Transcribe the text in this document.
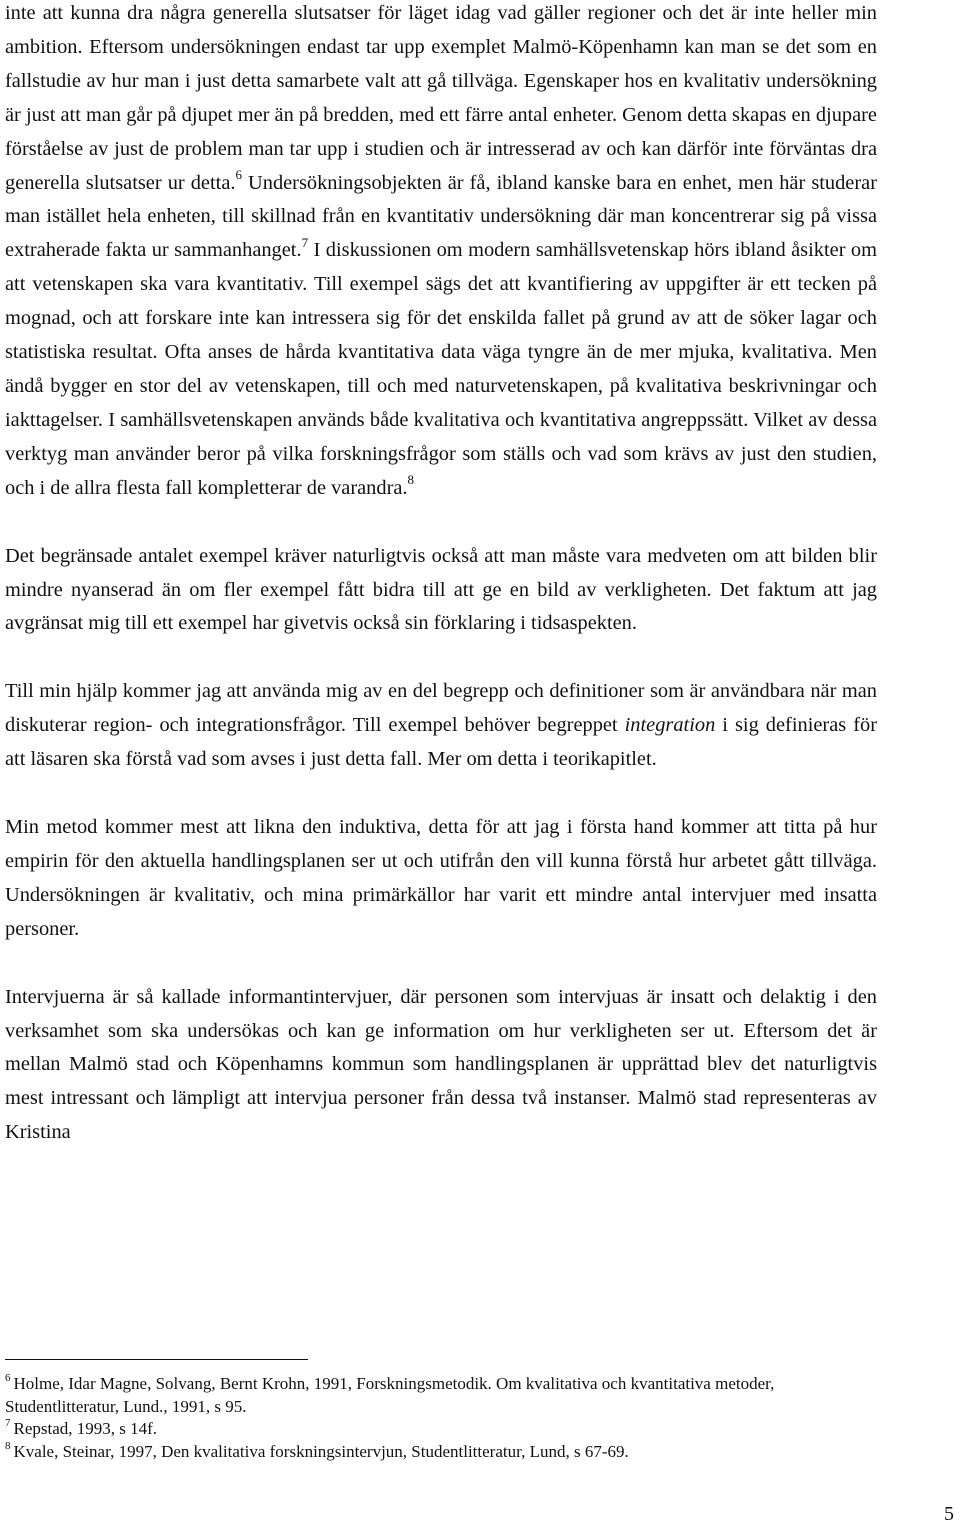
inte att kunna dra några generella slutsatser för läget idag vad gäller regioner och det är inte heller min ambition. Eftersom undersökningen endast tar upp exemplet Malmö-Köpenhamn kan man se det som en fallstudie av hur man i just detta samarbete valt att gå tillväga. Egenskaper hos en kvalitativ undersökning är just att man går på djupet mer än på bredden, med ett färre antal enheter. Genom detta skapas en djupare förståelse av just de problem man tar upp i studien och är intresserad av och kan därför inte förväntas dra generella slutsatser ur detta.$^6$ Undersökningsobjekten är få, ibland kanske bara en enhet, men här studerar man istället hela enheten, till skillnad från en kvantitativ undersökning där man koncentrerar sig på vissa extraherade fakta ur sammanhanget.$^7$ I diskussionen om modern samhällsvetenskap hörs ibland åsikter om att vetenskapen ska vara kvantitativ. Till exempel sägs det att kvantifiering av uppgifter är ett tecken på mognad, och att forskare inte kan intressera sig för det enskilda fallet på grund av att de söker lagar och statistiska resultat. Ofta anses de hårda kvantitativa data väga tyngre än de mer mjuka, kvalitativa. Men ändå bygger en stor del av vetenskapen, till och med naturvetenskapen, på kvalitativa beskrivningar och iakttagelser. I samhällsvetenskapen används både kvalitativa och kvantitativa angreppssätt. Vilket av dessa verktyg man använder beror på vilka forskningsfrågor som ställs och vad som krävs av just den studien, och i de allra flesta fall kompletterar de varandra.$^8$

Det begränsade antalet exempel kräver naturligtvis också att man måste vara medveten om att bilden blir mindre nyanserad än om fler exempel fått bidra till att ge en bild av verkligheten. Det faktum att jag avgränsat mig till ett exempel har givetvis också sin förklaring i tidsaspekten.

Till min hjälp kommer jag att använda mig av en del begrepp och definitioner som är användbara när man diskuterar region- och integrationsfrågor. Till exempel behöver begreppet integration i sig definieras för att läsaren ska förstå vad som avses i just detta fall. Mer om detta i teorikapitlet.

Min metod kommer mest att likna den induktiva, detta för att jag i första hand kommer att titta på hur empirin för den aktuella handlingsplanen ser ut och utifrån den vill kunna förstå hur arbetet gått tillväga. Undersökningen är kvalitativ, och mina primärkällor har varit ett mindre antal intervjuer med insatta personer.

Intervjuerna är så kallade informantintervjuer, där personen som intervjuas är insatt och delaktig i den verksamhet som ska undersökas och kan ge information om hur verkligheten ser ut. Eftersom det är mellan Malmö stad och Köpenhamns kommun som handlingsplanen är upprättad blev det naturligtvis mest intressant och lämpligt att intervjua personer från dessa två instanser. Malmö stad representeras av Kristina

$^6$ Holme, Idar Magne, Solvang, Bernt Krohn, 1991, Forskningsmetodik. Om kvalitativa och kvantitativa metoder, Studentlitteratur, Lund., 1991, s 95.

$^7$ Repstad, 1993, s 14f.

$^8$ Kvale, Steinar, 1997, Den kvalitativa forskningsintervjun, Studentlitteratur, Lund, s 67-69.

5
